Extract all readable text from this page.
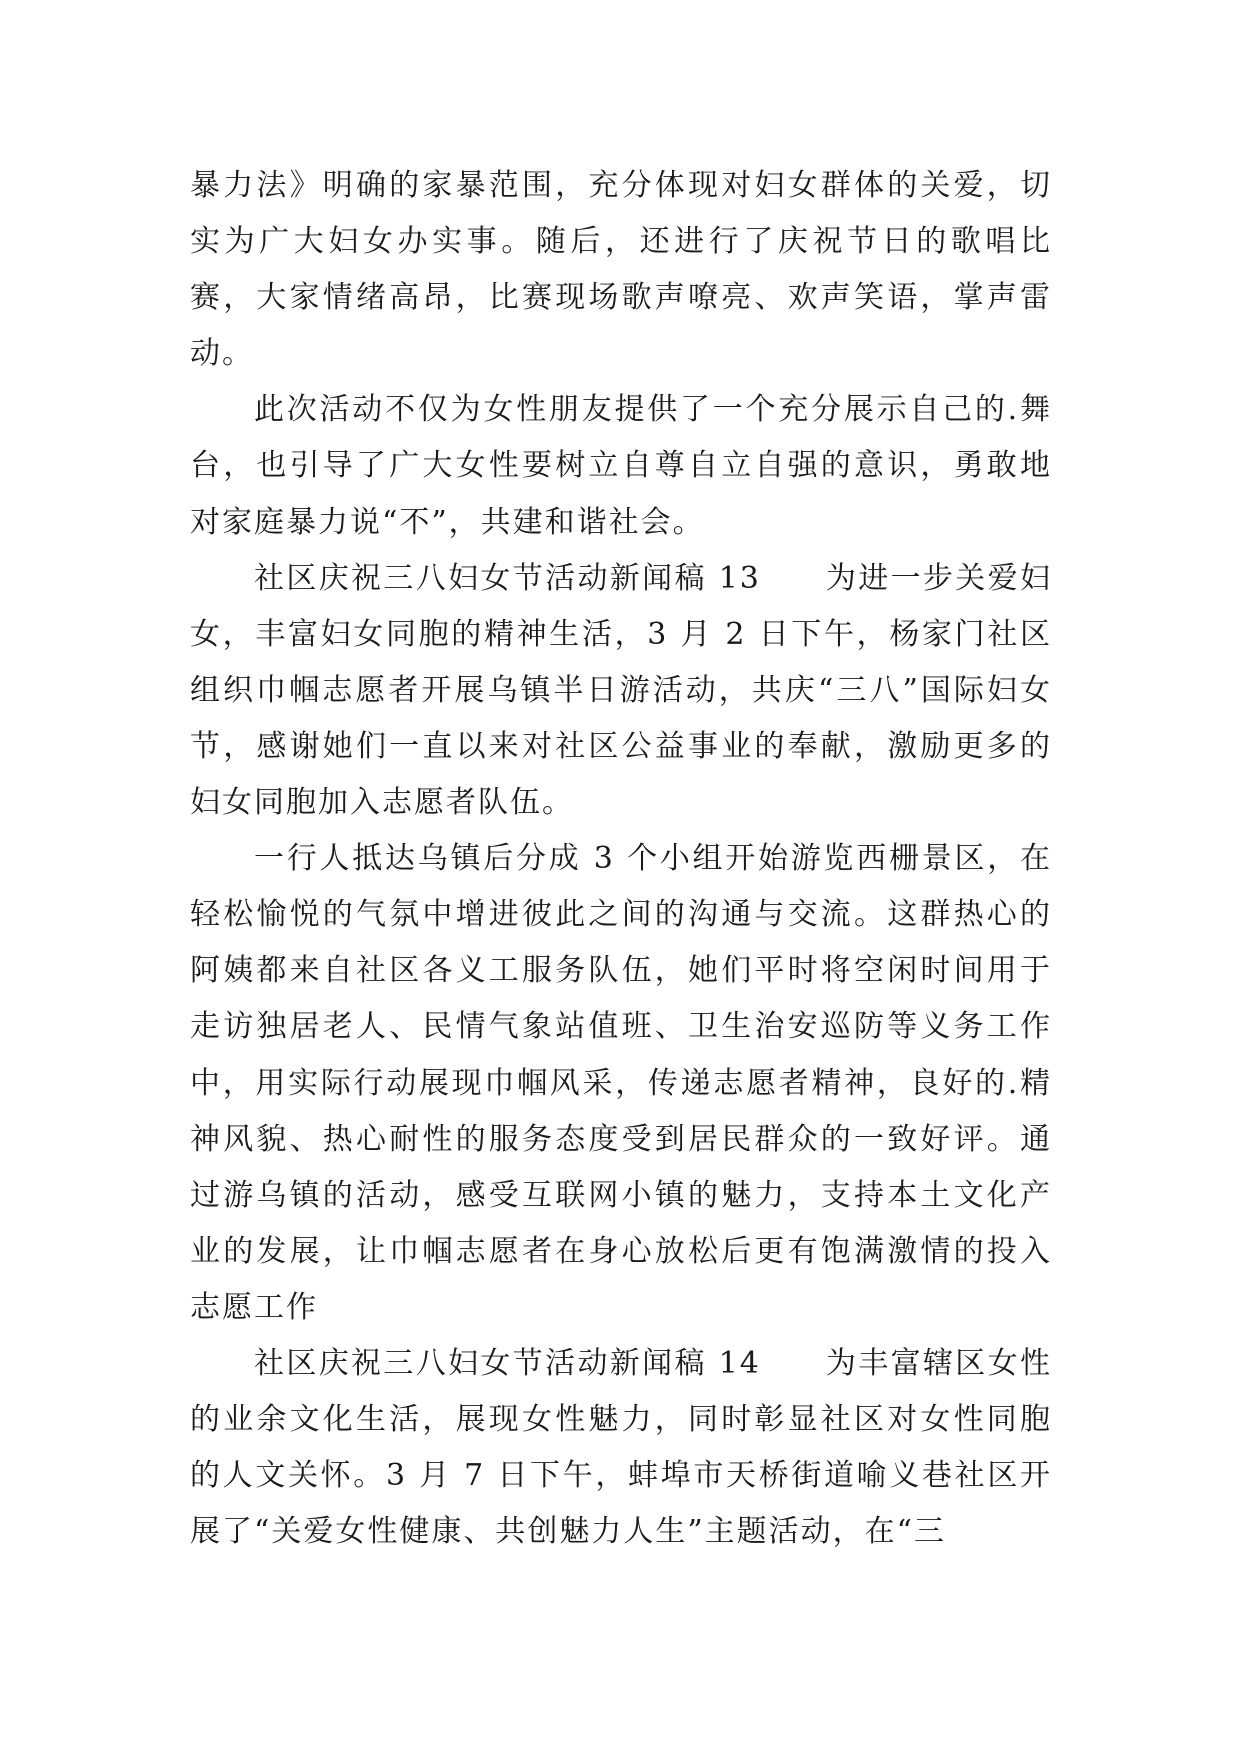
暴力法》明确的家暴范围，充分体现对妇女群体的关爱，切实为广大妇女办实事。随后，还进行了庆祝节日的歌唱比赛，大家情绪高昂，比赛现场歌声嘹亮、欢声笑语，掌声雷动。

此次活动不仅为女性朋友提供了一个充分展示自己的.舞台，也引导了广大女性要树立自尊自立自强的意识，勇敢地对家庭暴力说“不”，共建和谐社会。

社区庆祝三八妇女节活动新闻稿 13　　为进一步关爱妇女，丰富妇女同胞的精神生活，3 月 2 日下午，杨家门社区组织巾帼志愿者开展乌镇半日游活动，共庆“三八”国际妇女节，感谢她们一直以来对社区公益事业的奉献，激励更多的妇女同胞加入志愿者队伍。

一行人抵达乌镇后分成 3 个小组开始游览西栅景区，在轻松愉悦的气氛中增进彼此之间的沟通与交流。这群热心的阿姨都来自社区各义工服务队伍，她们平时将空闲时间用于走访独居老人、民情气象站值班、卫生治安巡防等义务工作中，用实际行动展现巾帼风采，传递志愿者精神，良好的.精神风貌、热心耐性的服务态度受到居民群众的一致好评。通过游乌镇的活动，感受互联网小镇的魅力，支持本土文化产业的发展，让巾帼志愿者在身心放松后更有饱满激情的投入志愿工作

社区庆祝三八妇女节活动新闻稿 14　　为丰富辖区女性的业余文化生活，展现女性魅力，同时彰显社区对女性同胞的人文关怀。3 月 7 日下午，蚌埠市天桥街道喻义巷社区开展了“关爱女性健康、共创魅力人生”主题活动，在“三
